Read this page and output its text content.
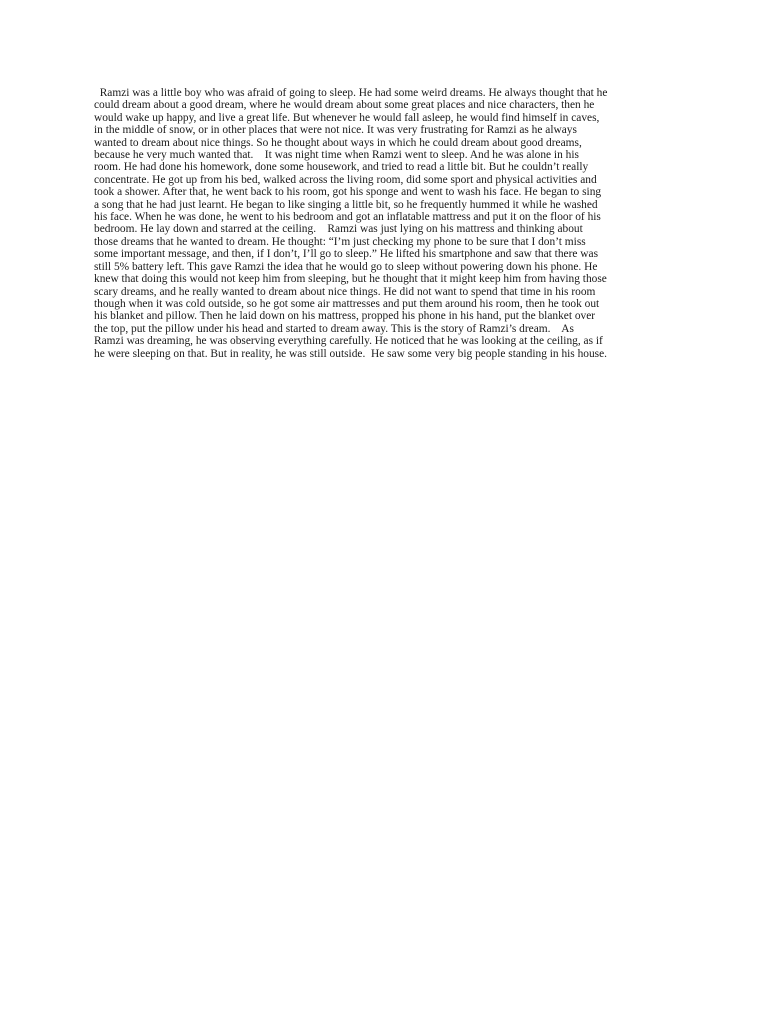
Ramzi was a little boy who was afraid of going to sleep. He had some weird dreams. He always thought that he
could dream about a good dream, where he would dream about some great places and nice characters, then he
would wake up happy, and live a great life. But whenever he would fall asleep, he would find himself in caves,
in the middle of snow, or in other places that were not nice. It was very frustrating for Ramzi as he always
wanted to dream about nice things. So he thought about ways in which he could dream about good dreams,
because he very much wanted that.    It was night time when Ramzi went to sleep. And he was alone in his
room. He had done his homework, done some housework, and tried to read a little bit. But he couldn’t really
concentrate. He got up from his bed, walked across the living room, did some sport and physical activities and
took a shower. After that, he went back to his room, got his sponge and went to wash his face. He began to sing
a song that he had just learnt. He began to like singing a little bit, so he frequently hummed it while he washed
his face. When he was done, he went to his bedroom and got an inflatable mattress and put it on the floor of his
bedroom. He lay down and starred at the ceiling.    Ramzi was just lying on his mattress and thinking about
those dreams that he wanted to dream. He thought: “I’m just checking my phone to be sure that I don’t miss
some important message, and then, if I don’t, I’ll go to sleep.” He lifted his smartphone and saw that there was
still 5% battery left. This gave Ramzi the idea that he would go to sleep without powering down his phone. He
knew that doing this would not keep him from sleeping, but he thought that it might keep him from having those
scary dreams, and he really wanted to dream about nice things. He did not want to spend that time in his room
though when it was cold outside, so he got some air mattresses and put them around his room, then he took out
his blanket and pillow. Then he laid down on his mattress, propped his phone in his hand, put the blanket over
the top, put the pillow under his head and started to dream away. This is the story of Ramzi’s dream.    As
Ramzi was dreaming, he was observing everything carefully. He noticed that he was looking at the ceiling, as if
he were sleeping on that. But in reality, he was still outside.  He saw some very big people standing in his house.
